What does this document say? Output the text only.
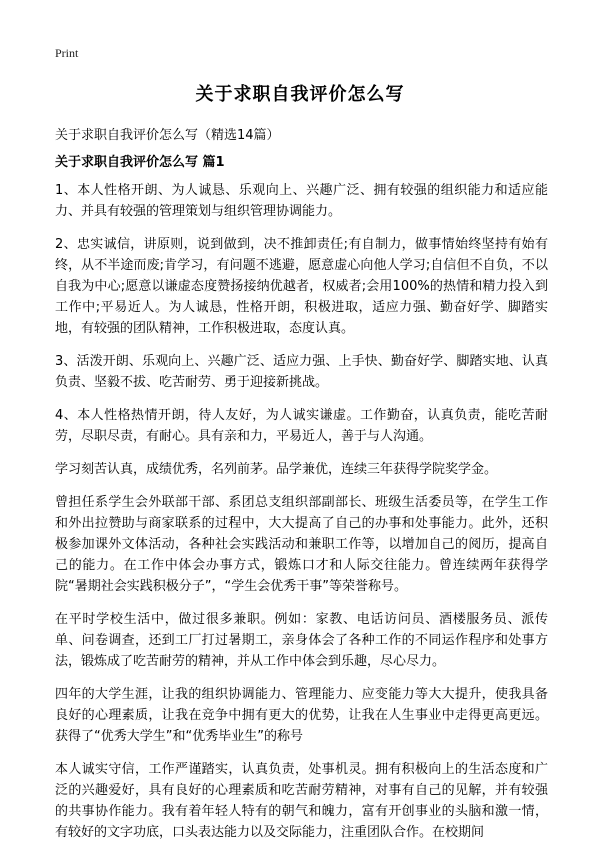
Print
关于求职自我评价怎么写
关于求职自我评价怎么写（精选14篇）
关于求职自我评价怎么写 篇1

1、本人性格开朗、为人诚恳、乐观向上、兴趣广泛、拥有较强的组织能力和适应能力、并具有较强的管理策划与组织管理协调能力。

2、忠实诚信，讲原则，说到做到，决不推卸责任;有自制力，做事情始终坚持有始有终，从不半途而废;肯学习，有问题不逃避，愿意虚心向他人学习;自信但不自负，不以自我为中心;愿意以谦虚态度赞扬接纳优越者，权威者;会用100%的热情和精力投入到工作中;平易近人。为人诚恳，性格开朗，积极进取，适应力强、勤奋好学、脚踏实地，有较强的团队精神，工作积极进取，态度认真。

3、活泼开朗、乐观向上、兴趣广泛、适应力强、上手快、勤奋好学、脚踏实地、认真负责、坚毅不拔、吃苦耐劳、勇于迎接新挑战。

4、本人性格热情开朗，待人友好，为人诚实谦虚。工作勤奋，认真负责，能吃苦耐劳，尽职尽责，有耐心。具有亲和力，平易近人，善于与人沟通。

学习刻苦认真，成绩优秀，名列前茅。品学兼优，连续三年获得学院奖学金。

曾担任系学生会外联部干部、系团总支组织部副部长、班级生活委员等，在学生工作和外出拉赞助与商家联系的过程中，大大提高了自己的办事和处事能力。此外，还积极参加课外文体活动，各种社会实践活动和兼职工作等，以增加自己的阅历，提高自己的能力。在工作中体会办事方式，锻炼口才和人际交往能力。曾连续两年获得学院“暑期社会实践积极分子”，“学生会优秀干事”等荣誉称号。

在平时学校生活中，做过很多兼职。例如：家教、电话访问员、酒楼服务员、派传单、问卷调查，还到工厂打过暑期工，亲身体会了各种工作的不同运作程序和处事方法，锻炼成了吃苦耐劳的精神，并从工作中体会到乐趣，尽心尽力。

四年的大学生涯，让我的组织协调能力、管理能力、应变能力等大大提升，使我具备良好的心理素质，让我在竞争中拥有更大的优势，让我在人生事业中走得更高更远。获得了“优秀大学生”和“优秀毕业生”的称号

本人诚实守信，工作严谨踏实，认真负责，处事机灵。拥有积极向上的生活态度和广泛的兴趣爱好，具有良好的心理素质和吃苦耐劳精神，对事有自己的见解，并有较强的共事协作能力。我有着年轻人特有的朝气和魄力，富有开创事业的头脑和激一情，有较好的文字功底，口头表达能力以及交际能力，注重团队合作。在校期间
